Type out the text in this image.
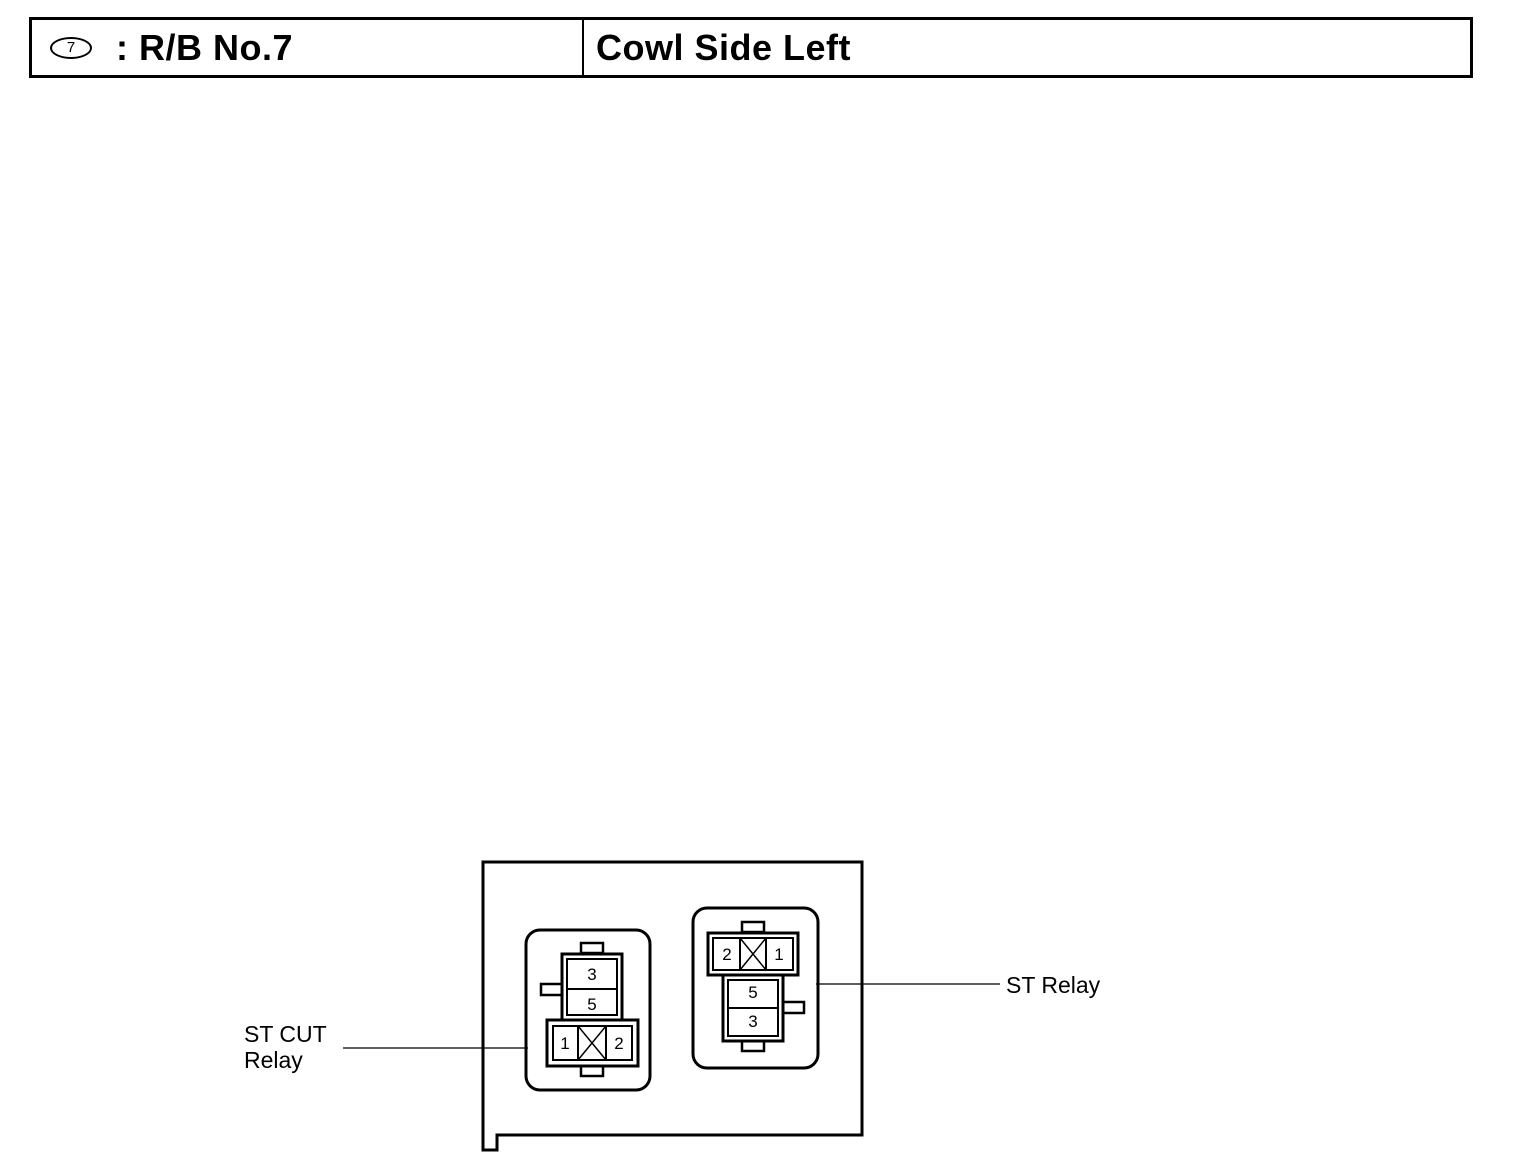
7 : R/B No.7	Cowl Side Left
3
5
1	2
2	1
5
3
ST CUT
Relay
ST Relay
